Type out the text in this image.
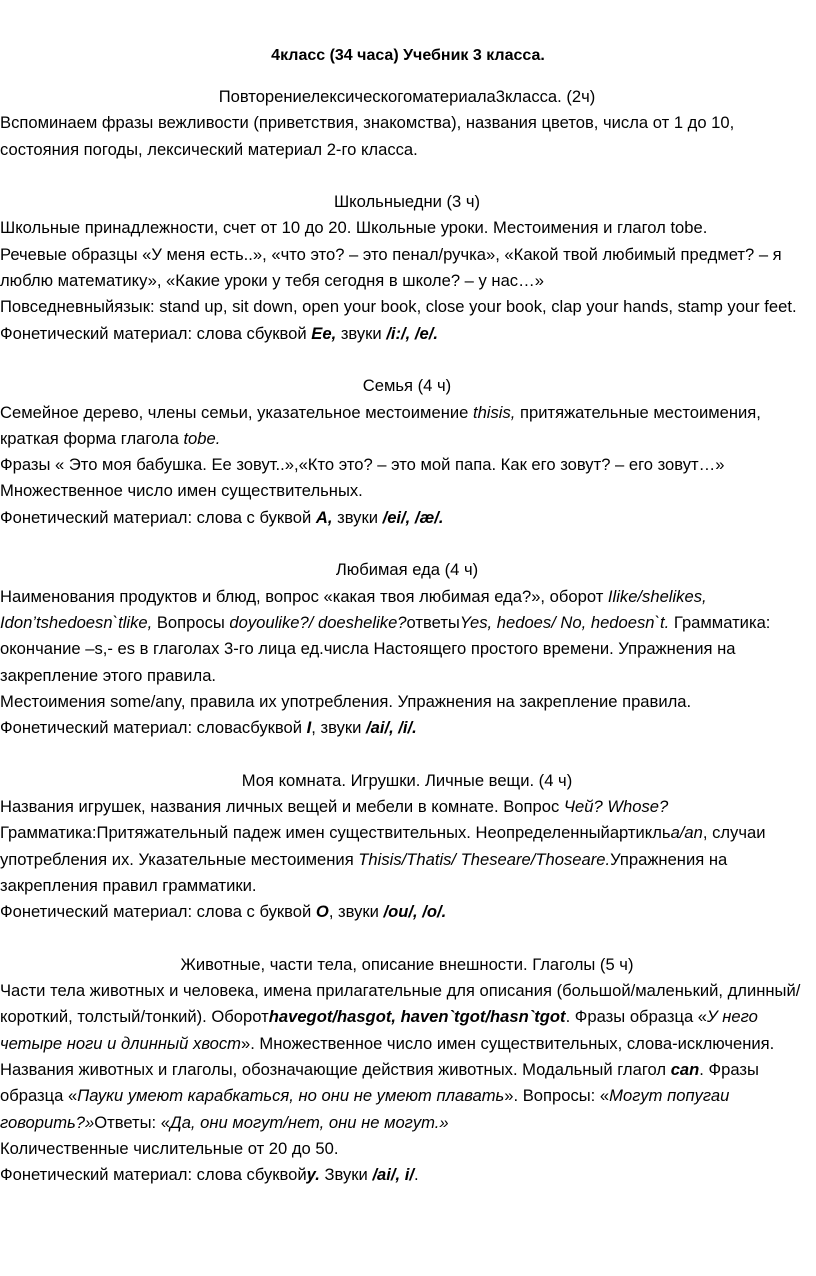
4класс (34 часа) Учебник 3 класса.

Повторениелексическогоматериала3класса. (2ч)

Вспоминаем фразы вежливости (приветствия, знакомства), названия цветов, числа от 1 до 10, состояния погоды, лексический материал 2-го класса.

Школьныедни (3 ч)

Школьные принадлежности, счет от 10 до 20. Школьные уроки. Местоимения и глагол tobe.

Речевые образцы «У меня есть..», «что это? – это пенал/ручка», «Какой твой любимый предмет? – я люблю математику», «Какие уроки у тебя сегодня в школе? – у нас…»

Повседневныйязык: stand up, sit down, open your book, close your book, clap your hands, stamp your feet.

Фонетический материал: слова сбуквой Ee, звуки /i:/, /e/.

Семья (4 ч)

Семейное дерево, члены семьи, указательное местоимение thisis, притяжательные местоимения, краткая форма глагола tobe.

Фразы « Это моя бабушка. Ее зовут..»,«Кто это? – это мой папа. Как его зовут? – его зовут…»

Множественное число имен существительных.

Фонетический материал: слова с буквой A, звуки /ei/, /æ/.

Любимая еда (4 ч)

Наименования продуктов и блюд, вопрос «какая твоя любимая еда?», оборот Ilike/shelikes, Idon’tshedoesn`tlike, Вопросы doyoulike?/ doeshelike?ответыYes, hedoes/ No, hedoesn`t. Грамматика: окончание –s,- es в глаголах 3-го лица ед.числа Настоящего простого времени. Упражнения на закрепление этого правила.

Местоимения some/any, правила их употребления. Упражнения на закрепление правила.

Фонетический материал: словасбуквой I, звуки /ai/, /i/.

Моя комната. Игрушки. Личные вещи. (4 ч)

Названия игрушек, названия личных вещей и мебели в комнате. Вопрос Чей? Whose?

Грамматика:Притяжательный падеж имен существительных. Неопределенныйартикльa/an, случаи употребления их. Указательные местоимения Thisis/Thatis/ Theseare/Thoseare.Упражнения на закрепления правил грамматики.

Фонетический материал: слова с буквой O, звуки /ou/, /o/.

Животные, части тела, описание внешности. Глаголы (5 ч)

Части тела животных и человека, имена прилагательные для описания (большой/маленький, длинный/короткий, толстый/тонкий). Оборотhavegot/hasgot, haven`tgot/hasn`tgot. Фразы образца «У него четыре ноги и длинный хвост». Множественное число имен существительных, слова-исключения.

Названия животных и глаголы, обозначающие действия животных. Модальный глагол can. Фразы образца «Пауки умеют карабкаться, но они не умеют плавать». Вопросы: «Могут попугаи говорить?»Ответы: «Да, они могут/нет, они не могут.»

Количественные числительные от 20 до 50.

Фонетический материал: слова сбуквойy. Звуки /ai/, i/.
